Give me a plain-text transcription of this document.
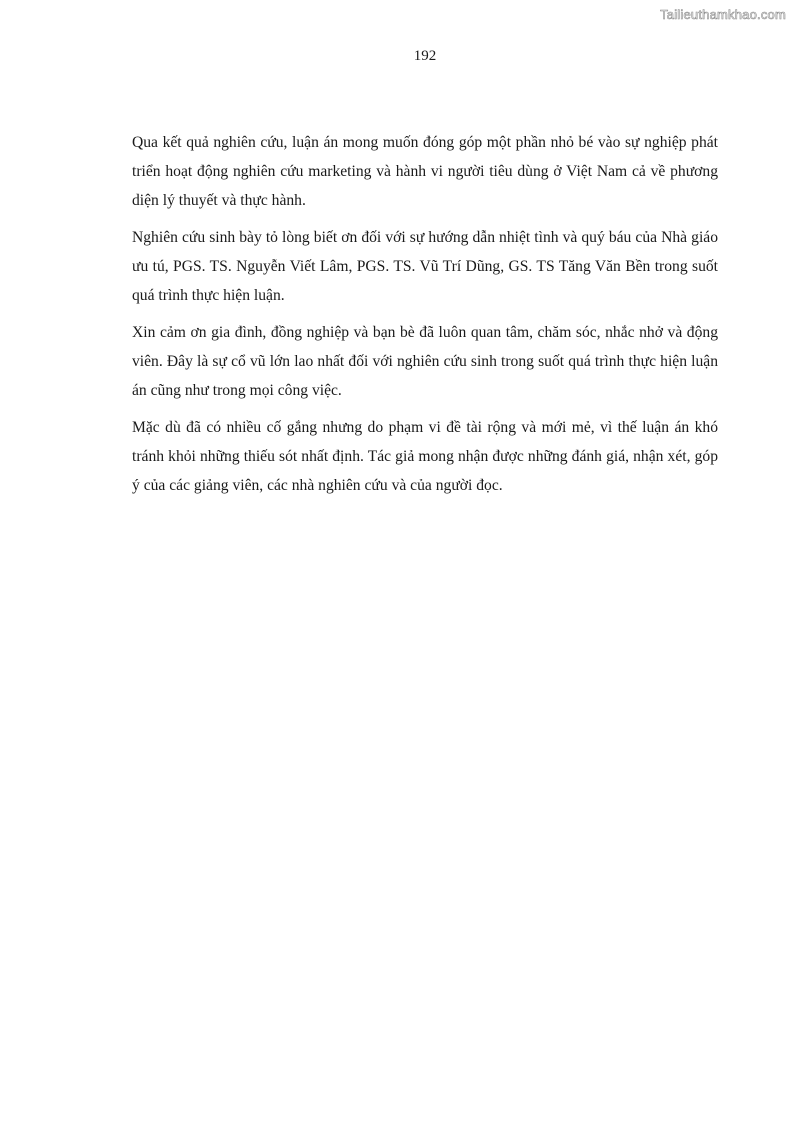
Tailieuthamkhao.com
192

Qua kết quả nghiên cứu, luận án mong muốn đóng góp một phần nhỏ bé vào sự nghiệp phát triển hoạt động nghiên cứu marketing và hành vi người tiêu dùng ở Việt Nam cả về phương diện lý thuyết và thực hành.

Nghiên cứu sinh bày tỏ lòng biết ơn đối với sự hướng dẫn nhiệt tình và quý báu của Nhà giáo ưu tú, PGS. TS. Nguyễn Viết Lâm, PGS. TS. Vũ Trí Dũng, GS. TS Tăng Văn Bền trong suốt quá trình thực hiện luận.

Xin cảm ơn gia đình, đồng nghiệp và bạn bè đã luôn quan tâm, chăm sóc, nhắc nhở và động viên. Đây là sự cổ vũ lớn lao nhất đối với nghiên cứu sinh trong suốt quá trình thực hiện luận án cũng như trong mọi công việc.

Mặc dù đã có nhiều cố gắng nhưng do phạm vi đề tài rộng và mới mẻ, vì thế luận án khó tránh khỏi những thiếu sót nhất định. Tác giả mong nhận được những đánh giá, nhận xét, góp ý của các giảng viên, các nhà nghiên cứu và của người đọc.
